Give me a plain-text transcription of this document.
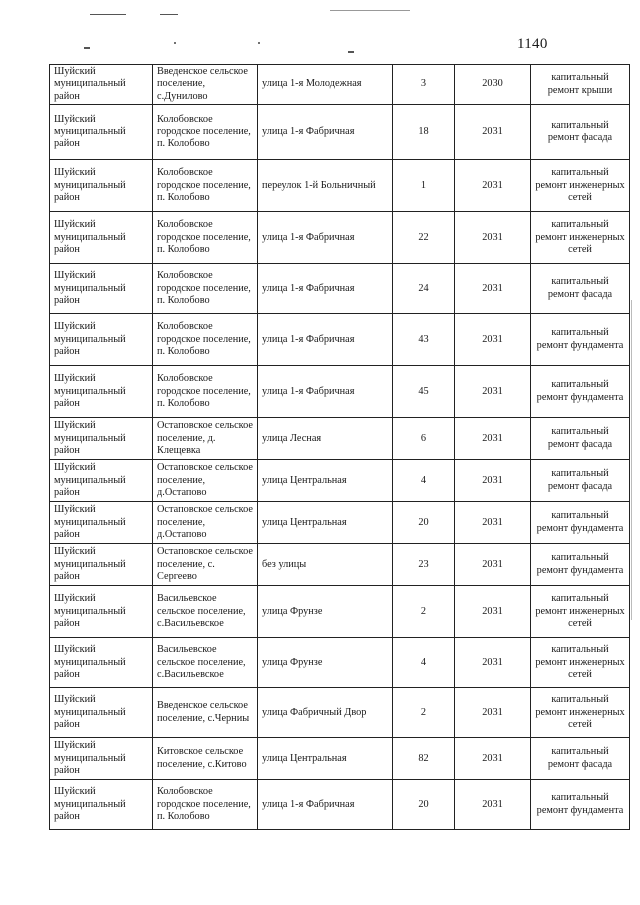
1140
Шуйский муниципальный район	Введенское сельское поселение, с.Дунилово	улица 1-я Молодежная	3	2030	капитальный ремонт крыши
Шуйский муниципальный район	Колобовское городское поселение, п. Колобово	улица 1-я Фабричная	18	2031	капитальный ремонт фасада
Шуйский муниципальный район	Колобовское городское поселение, п. Колобово	переулок 1-й Больничный	1	2031	капитальный ремонт инженерных сетей
Шуйский муниципальный район	Колобовское городское поселение, п. Колобово	улица 1-я Фабричная	22	2031	капитальный ремонт инженерных сетей
Шуйский муниципальный район	Колобовское городское поселение, п. Колобово	улица 1-я Фабричная	24	2031	капитальный ремонт фасада
Шуйский муниципальный район	Колобовское городское поселение, п. Колобово	улица 1-я Фабричная	43	2031	капитальный ремонт фундамента
Шуйский муниципальный район	Колобовское городское поселение, п. Колобово	улица 1-я Фабричная	45	2031	капитальный ремонт фундамента
Шуйский муниципальный район	Остаповское сельское поселение, д. Клещевка	улица Лесная	6	2031	капитальный ремонт фасада
Шуйский муниципальный район	Остаповское сельское поселение, д.Остапово	улица Центральная	4	2031	капитальный ремонт фасада
Шуйский муниципальный район	Остаповское сельское поселение, д.Остапово	улица Центральная	20	2031	капитальный ремонт фундамента
Шуйский муниципальный район	Остаповское сельское поселение, с. Сергеево	без улицы	23	2031	капитальный ремонт фундамента
Шуйский муниципальный район	Васильевское сельское поселение, с.Васильевское	улица Фрунзе	2	2031	капитальный ремонт инженерных сетей
Шуйский муниципальный район	Васильевское сельское поселение, с.Васильевское	улица Фрунзе	4	2031	капитальный ремонт инженерных сетей
Шуйский муниципальный район	Введенское сельское поселение, с.Черниы	улица Фабричный Двор	2	2031	капитальный ремонт инженерных сетей
Шуйский муниципальный район	Китовское сельское поселение, с.Китово	улица Центральная	82	2031	капитальный ремонт фасада
Шуйский муниципальный район	Колобовское городское поселение, п. Колобово	улица 1-я Фабричная	20	2031	капитальный ремонт фундамента
